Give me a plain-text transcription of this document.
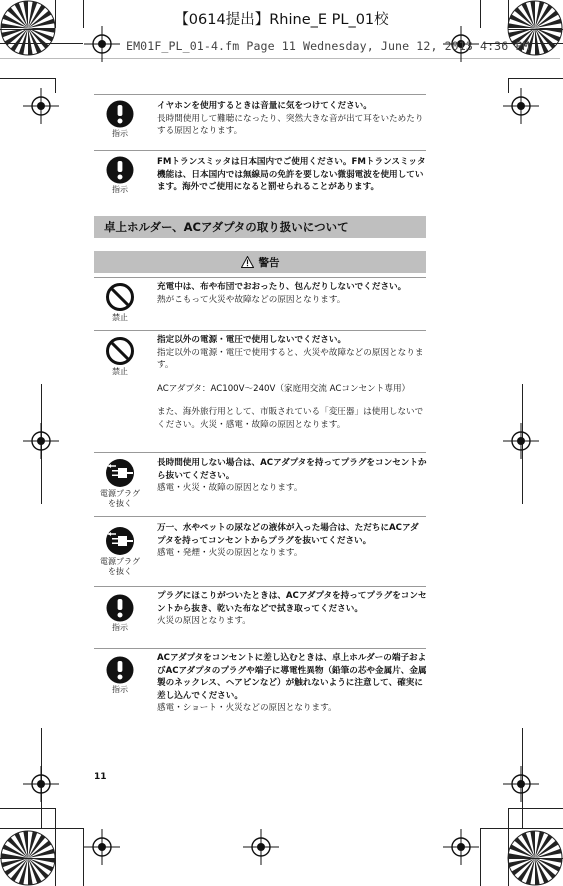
【0614提出】Rhine_E PL_01校
EM01F_PL_01-4.fm Page 11 Wednesday, June 12, 2013 4:36 PM
指示
イヤホンを使用するときは音量に気をつけてください。
長時間使用して難聴になったり、突然大きな音が出て耳をいためたりする原因となります。
指示
FMトランスミッタは日本国内でご使用ください。FMトランスミッタ機能は、日本国内では無線局の免許を要しない微弱電波を使用しています。海外でご使用になると罰せられることがあります。
卓上ホルダー、ACアダプタの取り扱いについて
警告
禁止
充電中は、布や布団でおおったり、包んだりしないでください。
熱がこもって火災や故障などの原因となります。
禁止
指定以外の電源・電圧で使用しないでください。
指定以外の電源・電圧で使用すると、火災や故障などの原因となります。
ACアダプタ：AC100V～240V（家庭用交流 ACコンセント専用）
また、海外旅行用として、市販されている「変圧器」は使用しないでください。火災・感電・故障の原因となります。
電源プラグを抜く
長時間使用しない場合は、ACアダプタを持ってプラグをコンセントから抜いてください。
感電・火災・故障の原因となります。
電源プラグを抜く
万一、水やペットの尿などの液体が入った場合は、ただちにACアダプタを持ってコンセントからプラグを抜いてください。
感電・発煙・火災の原因となります。
指示
プラグにほこりがついたときは、ACアダプタを持ってプラグをコンセントから抜き、乾いた布などで拭き取ってください。
火災の原因となります。
指示
ACアダプタをコンセントに差し込むときは、卓上ホルダーの端子およびACアダプタのプラグや端子に導電性異物（鉛筆の芯や金属片、金属製のネックレス、ヘアピンなど）が触れないように注意して、確実に差し込んでください。
感電・ショート・火災などの原因となります。
11
